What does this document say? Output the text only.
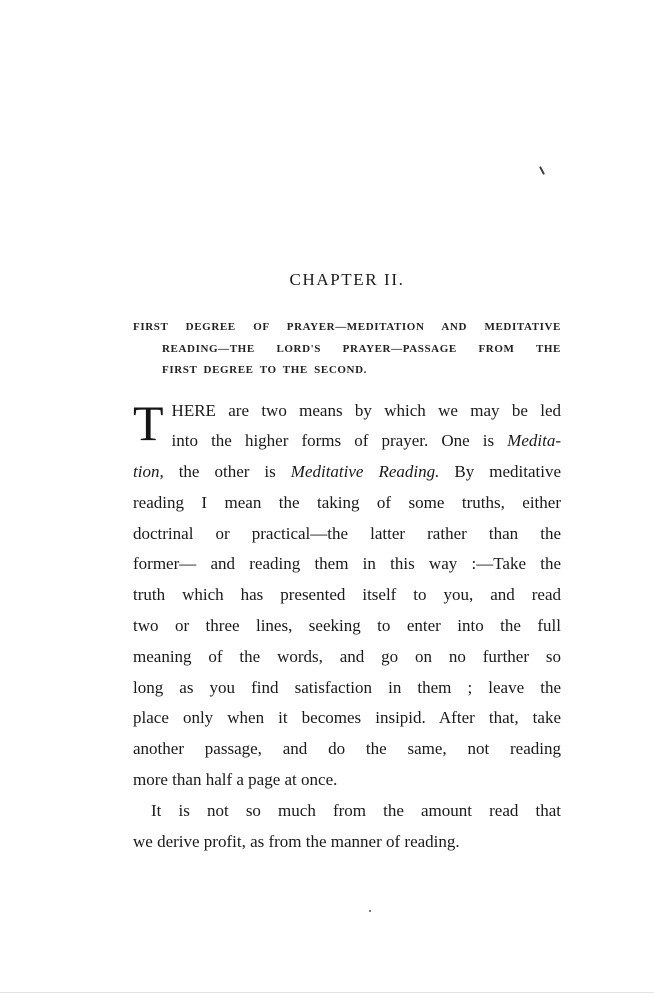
CHAPTER II.
FIRST DEGREE OF PRAYER—MEDITATION AND MEDITATIVE
READING—THE LORD'S PRAYER—PASSAGE FROM THE
FIRST DEGREE TO THE SECOND.
T HERE are two means by which we may be led
into the higher forms of prayer. One is Medita-
tion, the other is Meditative Reading. By meditative
reading I mean the taking of some truths, either
doctrinal or practical—the latter rather than the
former— and reading them in this way :—Take the
truth which has presented itself to you, and read
two or three lines, seeking to enter into the full
meaning of the words, and go on no further so
long as you find satisfaction in them ; leave the
place only when it becomes insipid. After that, take
another passage, and do the same, not reading
more than half a page at once.
It is not so much from the amount read that
we derive profit, as from the manner of reading.
